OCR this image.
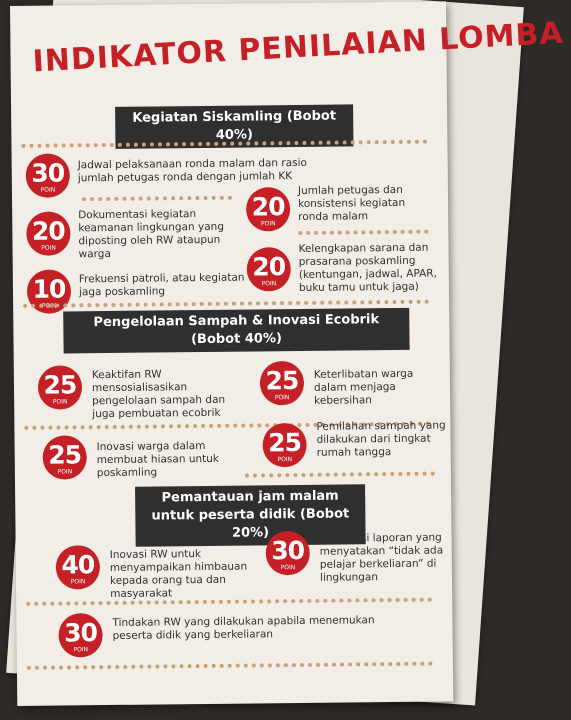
INDIKATOR PENILAIAN LOMBA
Kegiatan Siskamling (Bobot 40%)
30
POIN
Jadwal pelaksanaan ronda malam dan rasio jumlah petugas ronda dengan jumlah KK
20
POIN
Dokumentasi kegiatan keamanan lingkungan yang diposting oleh RW ataupun warga
20
POIN
Jumlah petugas dan konsistensi kegiatan ronda malam
10
POIN
Frekuensi patroli, atau kegiatan jaga poskamling
20
POIN
Kelengkapan sarana dan prasarana poskamling (kentungan, jadwal, APAR, buku tamu untuk jaga)
Pengelolaan Sampah & Inovasi Ecobrik (Bobot 40%)
25
POIN
Keaktifan RW mensosialisasikan pengelolaan sampah dan juga pembuatan ecobrik
25
POIN
Keterlibatan warga dalam menjaga kebersihan
25
POIN
Inovasi warga dalam membuat hiasan untuk poskamling
25
POIN
Pemilahan sampah yang dilakukan dari tingkat rumah tangga
Pemantauan jam malam untuk peserta didik (Bobot 20%)
40
POIN
Inovasi RW untuk menyampaikan himbauan kepada orang tua dan masyarakat
30
POIN
Frekuensi laporan yang menyatakan “tidak ada pelajar berkeliaran” di lingkungan
30
POIN
Tindakan RW yang dilakukan apabila menemukan peserta didik yang berkeliaran
